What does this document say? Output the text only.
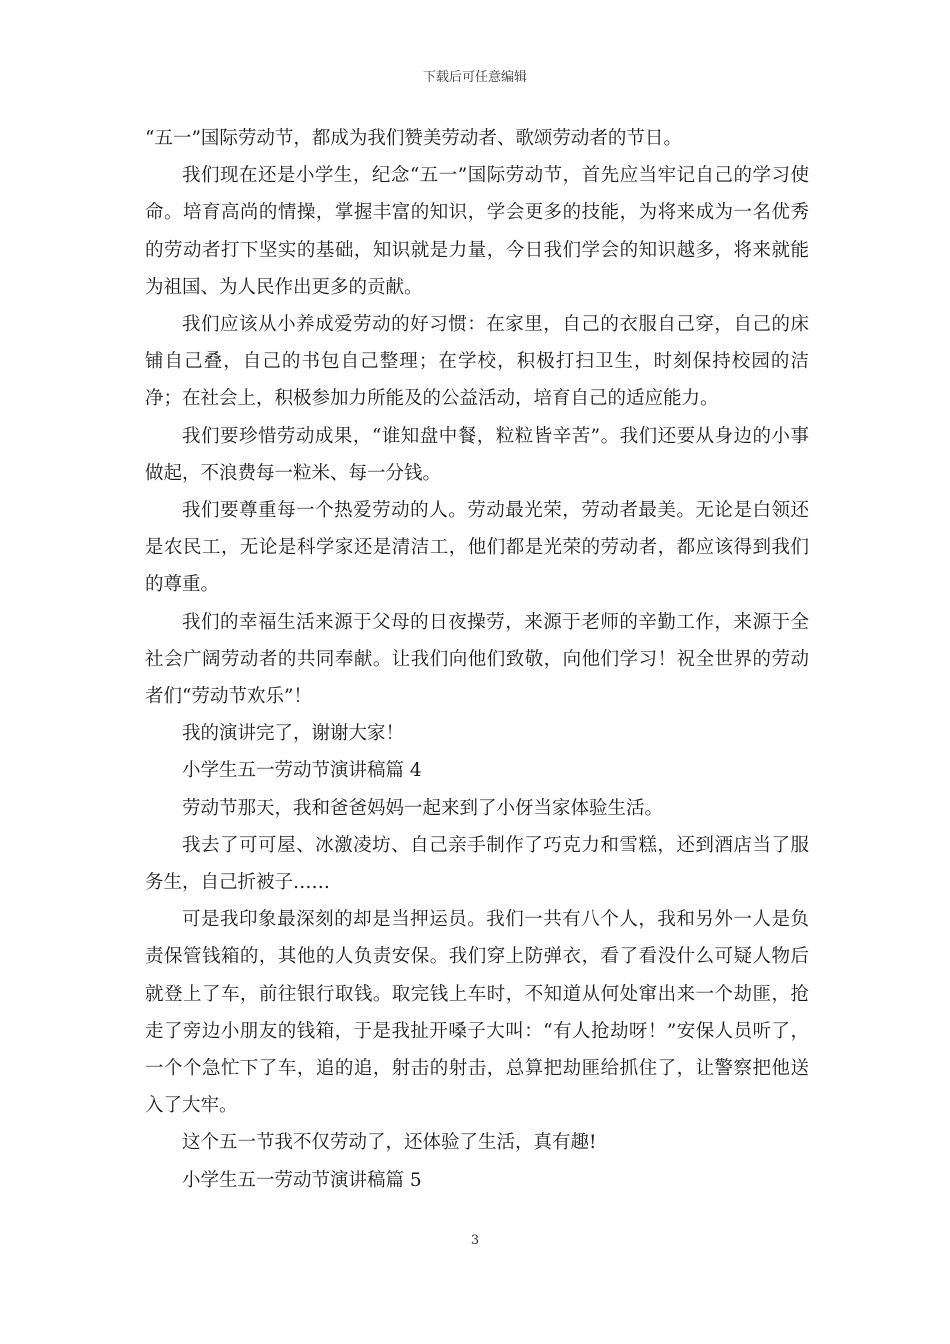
下载后可任意编辑

“五一”国际劳动节，都成为我们赞美劳动者、歌颂劳动者的节日。

我们现在还是小学生，纪念“五一”国际劳动节，首先应当牢记自己的学习使命。培育高尚的情操，掌握丰富的知识，学会更多的技能，为将来成为一名优秀的劳动者打下坚实的基础，知识就是力量，今日我们学会的知识越多，将来就能为祖国、为人民作出更多的贡献。

我们应该从小养成爱劳动的好习惯：在家里，自己的衣服自己穿，自己的床铺自己叠，自己的书包自己整理；在学校，积极打扫卫生，时刻保持校园的洁净；在社会上，积极参加力所能及的公益活动，培育自己的适应能力。

我们要珍惜劳动成果，“谁知盘中餐，粒粒皆辛苦”。我们还要从身边的小事做起，不浪费每一粒米、每一分钱。

我们要尊重每一个热爱劳动的人。劳动最光荣，劳动者最美。无论是白领还是农民工，无论是科学家还是清洁工，他们都是光荣的劳动者，都应该得到我们的尊重。

我们的幸福生活来源于父母的日夜操劳，来源于老师的辛勤工作，来源于全社会广阔劳动者的共同奉献。让我们向他们致敬，向他们学习！祝全世界的劳动者们“劳动节欢乐”！

我的演讲完了，谢谢大家！

小学生五一劳动节演讲稿篇 4

劳动节那天，我和爸爸妈妈一起来到了小伢当家体验生活。

我去了可可屋、冰激凌坊、自己亲手制作了巧克力和雪糕，还到酒店当了服务生，自己折被子……

可是我印象最深刻的却是当押运员。我们一共有八个人，我和另外一人是负责保管钱箱的，其他的人负责安保。我们穿上防弹衣，看了看没什么可疑人物后就登上了车，前往银行取钱。取完钱上车时，不知道从何处窜出来一个劫匪，抢走了旁边小朋友的钱箱，于是我扯开嗓子大叫：“有人抢劫呀！”安保人员听了，一个个急忙下了车，追的追，射击的射击，总算把劫匪给抓住了，让警察把他送入了大牢。

这个五一节我不仅劳动了，还体验了生活，真有趣!

小学生五一劳动节演讲稿篇 5

3
